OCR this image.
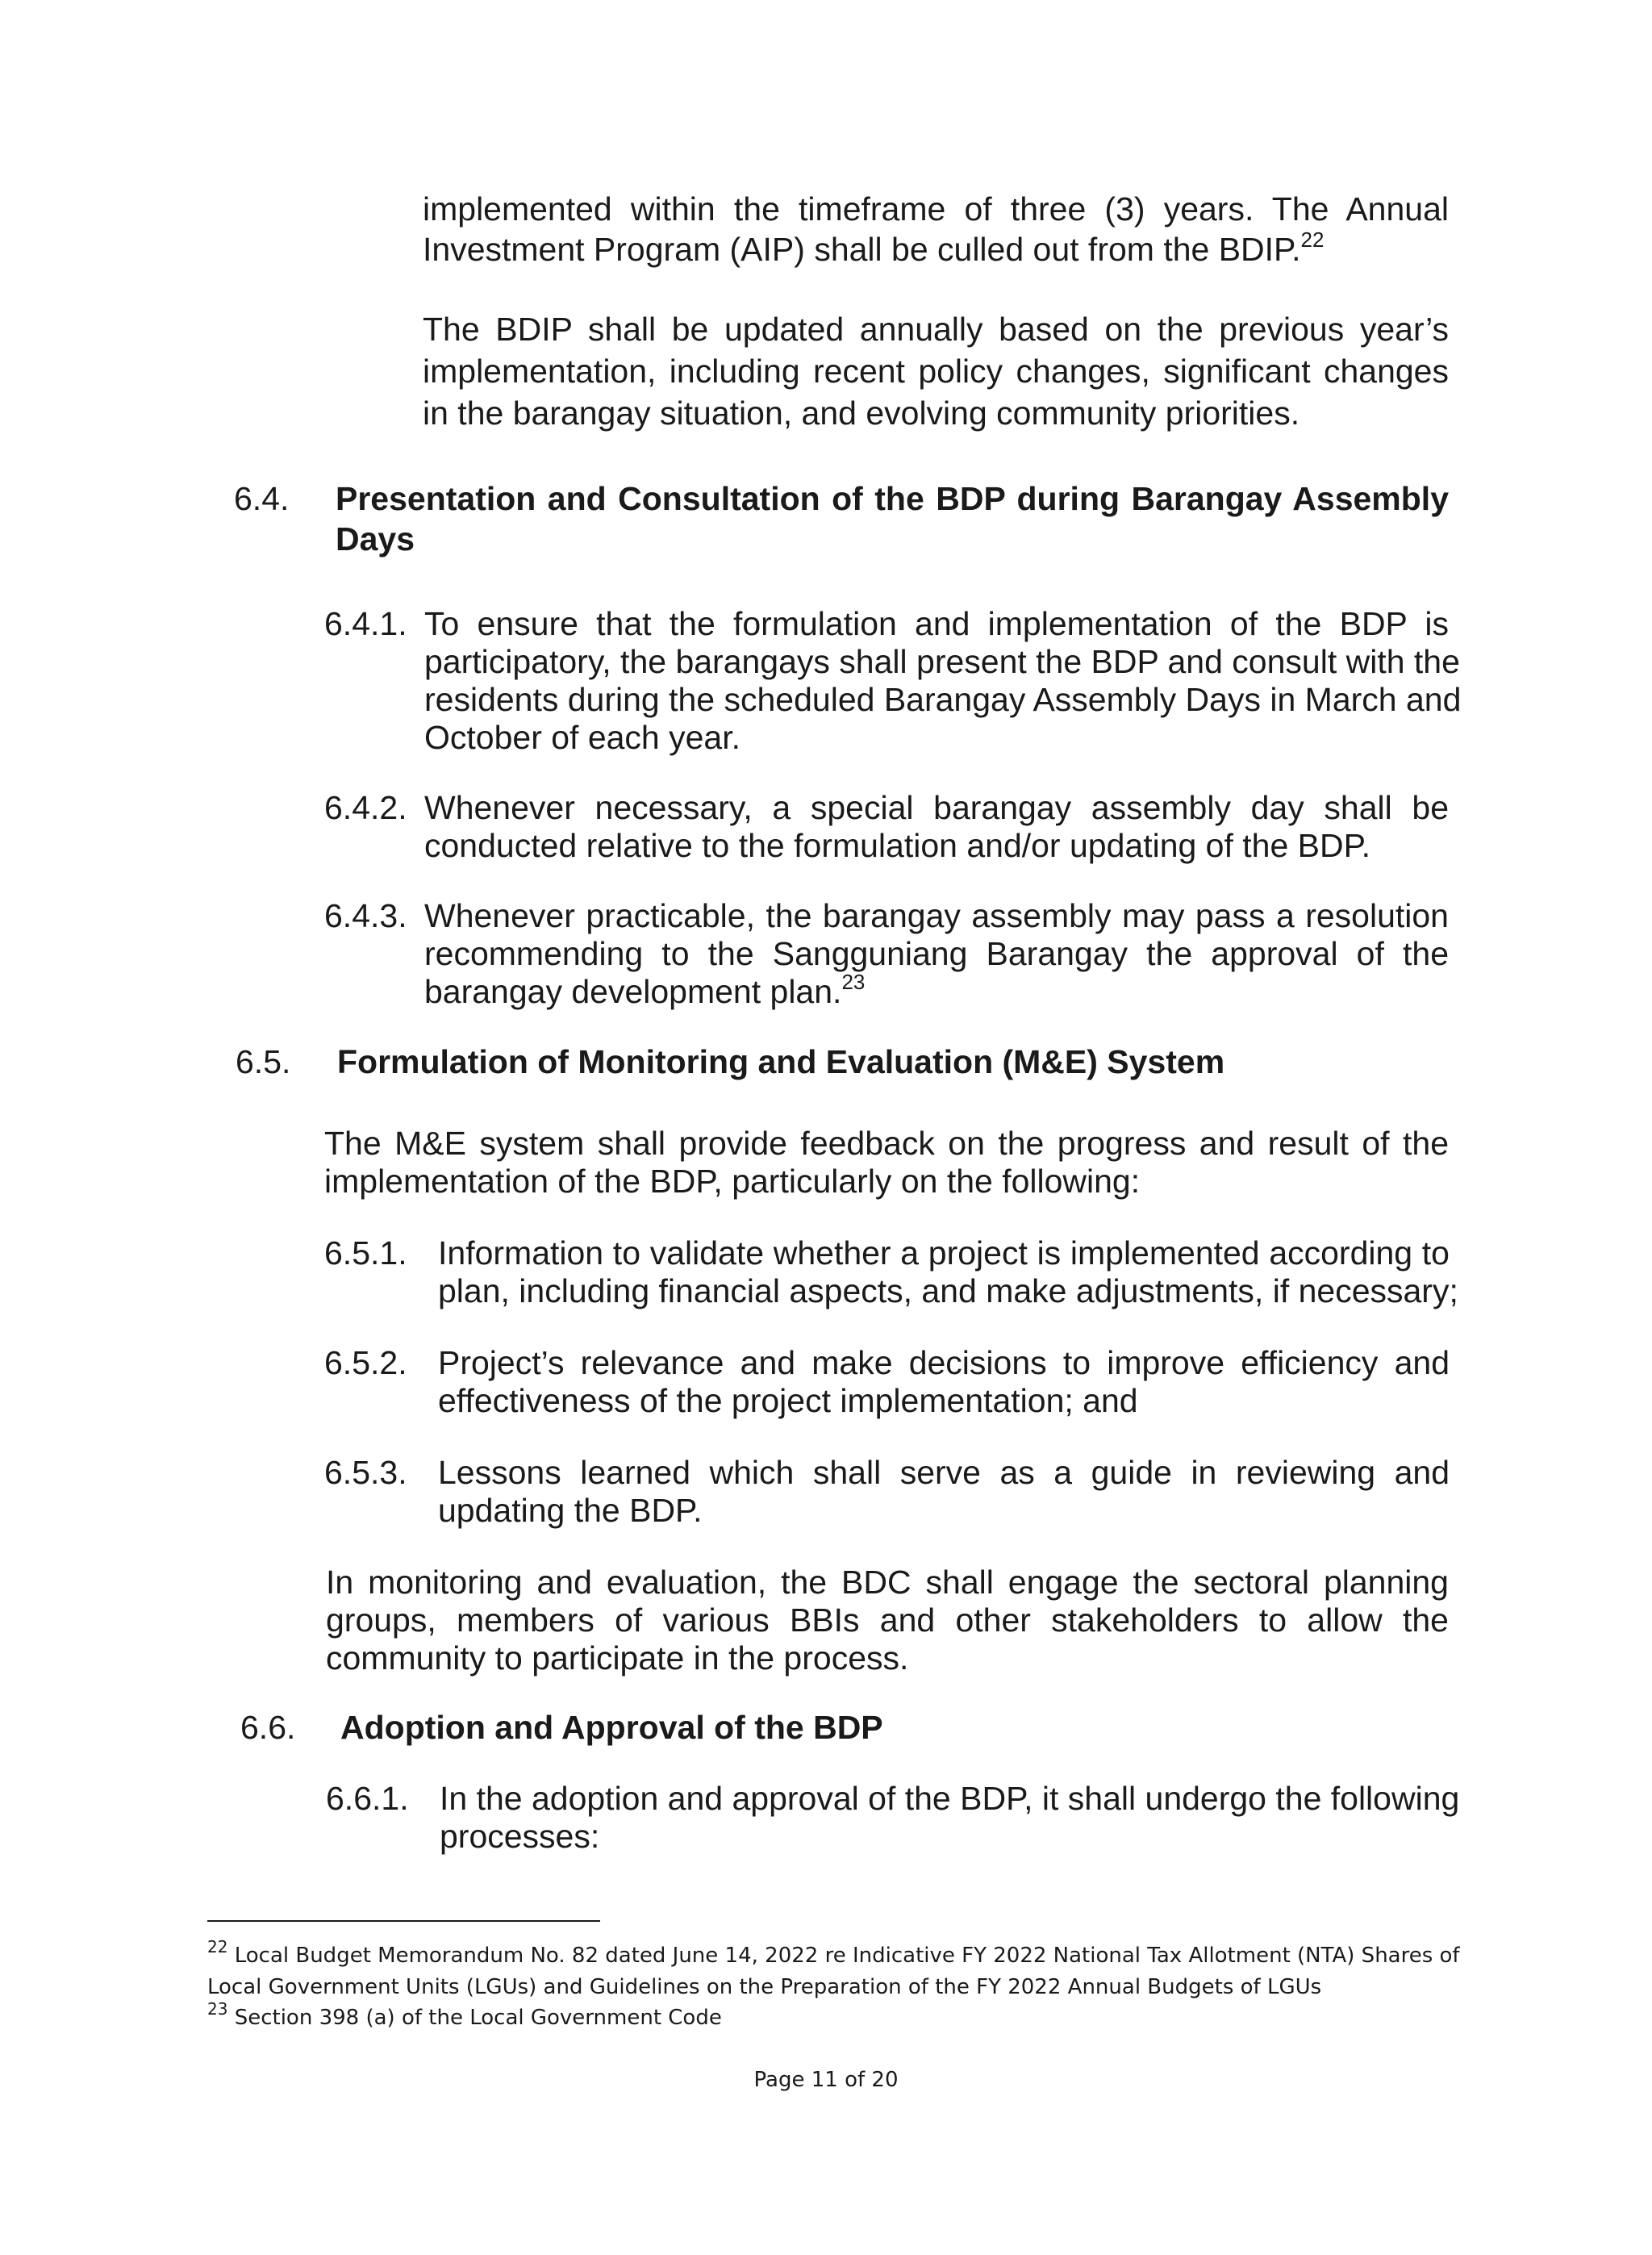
implemented within the timeframe of three (3) years. The Annual
Investment Program (AIP) shall be culled out from the BDIP.$^{22}$
The BDIP shall be updated annually based on the previous year’s
implementation, including recent policy changes, significant changes
in the barangay situation, and evolving community priorities.
6.4. Presentation and Consultation of the BDP during Barangay Assembly
Days
6.4.1. To ensure that the formulation and implementation of the BDP is
participatory, the barangays shall present the BDP and consult with the
residents during the scheduled Barangay Assembly Days in March and
October of each year.
6.4.2. Whenever necessary, a special barangay assembly day shall be
conducted relative to the formulation and/or updating of the BDP.
6.4.3. Whenever practicable, the barangay assembly may pass a resolution
recommending to the Sangguniang Barangay the approval of the
barangay development plan.$^{23}$
6.5. Formulation of Monitoring and Evaluation (M&E) System
The M&E system shall provide feedback on the progress and result of the
implementation of the BDP, particularly on the following:
6.5.1. Information to validate whether a project is implemented according to
plan, including financial aspects, and make adjustments, if necessary;
6.5.2. Project’s relevance and make decisions to improve efficiency and
effectiveness of the project implementation; and
6.5.3. Lessons learned which shall serve as a guide in reviewing and
updating the BDP.
In monitoring and evaluation, the BDC shall engage the sectoral planning
groups, members of various BBIs and other stakeholders to allow the
community to participate in the process.
6.6. Adoption and Approval of the BDP
6.6.1. In the adoption and approval of the BDP, it shall undergo the following
processes:
$^{22}$ Local Budget Memorandum No. 82 dated June 14, 2022 re Indicative FY 2022 National Tax Allotment (NTA) Shares of
Local Government Units (LGUs) and Guidelines on the Preparation of the FY 2022 Annual Budgets of LGUs
$^{23}$ Section 398 (a) of the Local Government Code
Page 11 of 20
